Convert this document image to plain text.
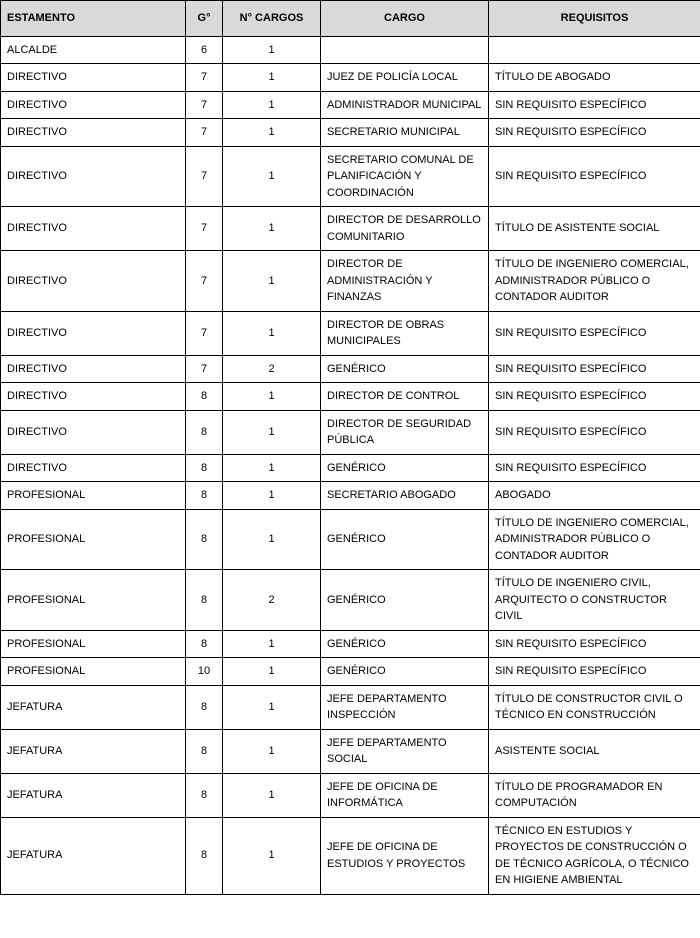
ESTAMENTO	G°	N° CARGOS	CARGO	REQUISITOS
ALCALDE	6	1		
DIRECTIVO	7	1	JUEZ DE POLICÍA LOCAL	TÍTULO DE ABOGADO
DIRECTIVO	7	1	ADMINISTRADOR MUNICIPAL	SIN REQUISITO ESPECÍFICO
DIRECTIVO	7	1	SECRETARIO MUNICIPAL	SIN REQUISITO ESPECÍFICO
DIRECTIVO	7	1	SECRETARIO COMUNAL DE PLANIFICACIÓN Y COORDINACIÓN	SIN REQUISITO ESPECÍFICO
DIRECTIVO	7	1	DIRECTOR DE DESARROLLO COMUNITARIO	TÍTULO DE ASISTENTE SOCIAL
DIRECTIVO	7	1	DIRECTOR DE ADMINISTRACIÓN Y FINANZAS	TÍTULO DE INGENIERO COMERCIAL, ADMINISTRADOR PÚBLICO O CONTADOR AUDITOR
DIRECTIVO	7	1	DIRECTOR DE OBRAS MUNICIPALES	SIN REQUISITO ESPECÍFICO
DIRECTIVO	7	2	GENÉRICO	SIN REQUISITO ESPECÍFICO
DIRECTIVO	8	1	DIRECTOR DE CONTROL	SIN REQUISITO ESPECÍFICO
DIRECTIVO	8	1	DIRECTOR DE SEGURIDAD PÚBLICA	SIN REQUISITO ESPECÍFICO
DIRECTIVO	8	1	GENÉRICO	SIN REQUISITO ESPECÍFICO
PROFESIONAL	8	1	SECRETARIO ABOGADO	ABOGADO
PROFESIONAL	8	1	GENÉRICO	TÍTULO DE INGENIERO COMERCIAL, ADMINISTRADOR PÚBLICO O CONTADOR AUDITOR
PROFESIONAL	8	2	GENÉRICO	TÍTULO DE INGENIERO CIVIL, ARQUITECTO O CONSTRUCTOR CIVIL
PROFESIONAL	8	1	GENÉRICO	SIN REQUISITO ESPECÍFICO
PROFESIONAL	10	1	GENÉRICO	SIN REQUISITO ESPECÍFICO
JEFATURA	8	1	JEFE DEPARTAMENTO INSPECCIÓN	TÍTULO DE CONSTRUCTOR CIVIL O TÉCNICO EN CONSTRUCCIÓN
JEFATURA	8	1	JEFE DEPARTAMENTO SOCIAL	ASISTENTE SOCIAL
JEFATURA	8	1	JEFE DE OFICINA DE INFORMÁTICA	TÍTULO DE PROGRAMADOR EN COMPUTACIÓN
JEFATURA	8	1	JEFE DE OFICINA DE ESTUDIOS Y PROYECTOS	TÉCNICO EN ESTUDIOS Y PROYECTOS DE CONSTRUCCIÓN O DE TÉCNICO AGRÍCOLA, O TÉCNICO EN HIGIENE AMBIENTAL
